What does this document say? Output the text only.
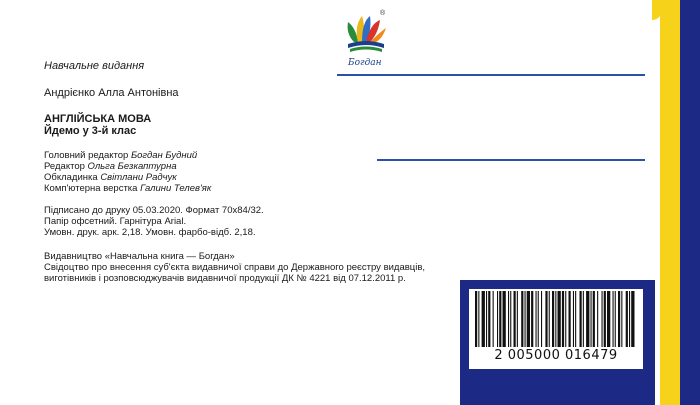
®
Богдан
Навчальне видання
Андрієнко Алла Антонівна
АНГЛІЙСЬКА МОВА
Йдемо у 3-й клас
Головний редактор Богдан Будний
Редактор Ольга Безкаптурна
Обкладинка Світлани Радчук
Комп'ютерна верстка Галини Телев'як
Підписано до друку 05.03.2020. Формат 70х84/32.
Папір офсетний. Гарнітура Arial.
Умовн. друк. арк. 2,18. Умовн. фарбо-відб. 2,18.
Видавництво «Навчальна книга — Богдан»
Свідоцтво про внесення суб'єкта видавничої справи до Державного реєстру видавців,
виготівників і розповсюджувачів видавничої продукції ДК № 4221 від 07.12.2011 р.
2 005000 016479
